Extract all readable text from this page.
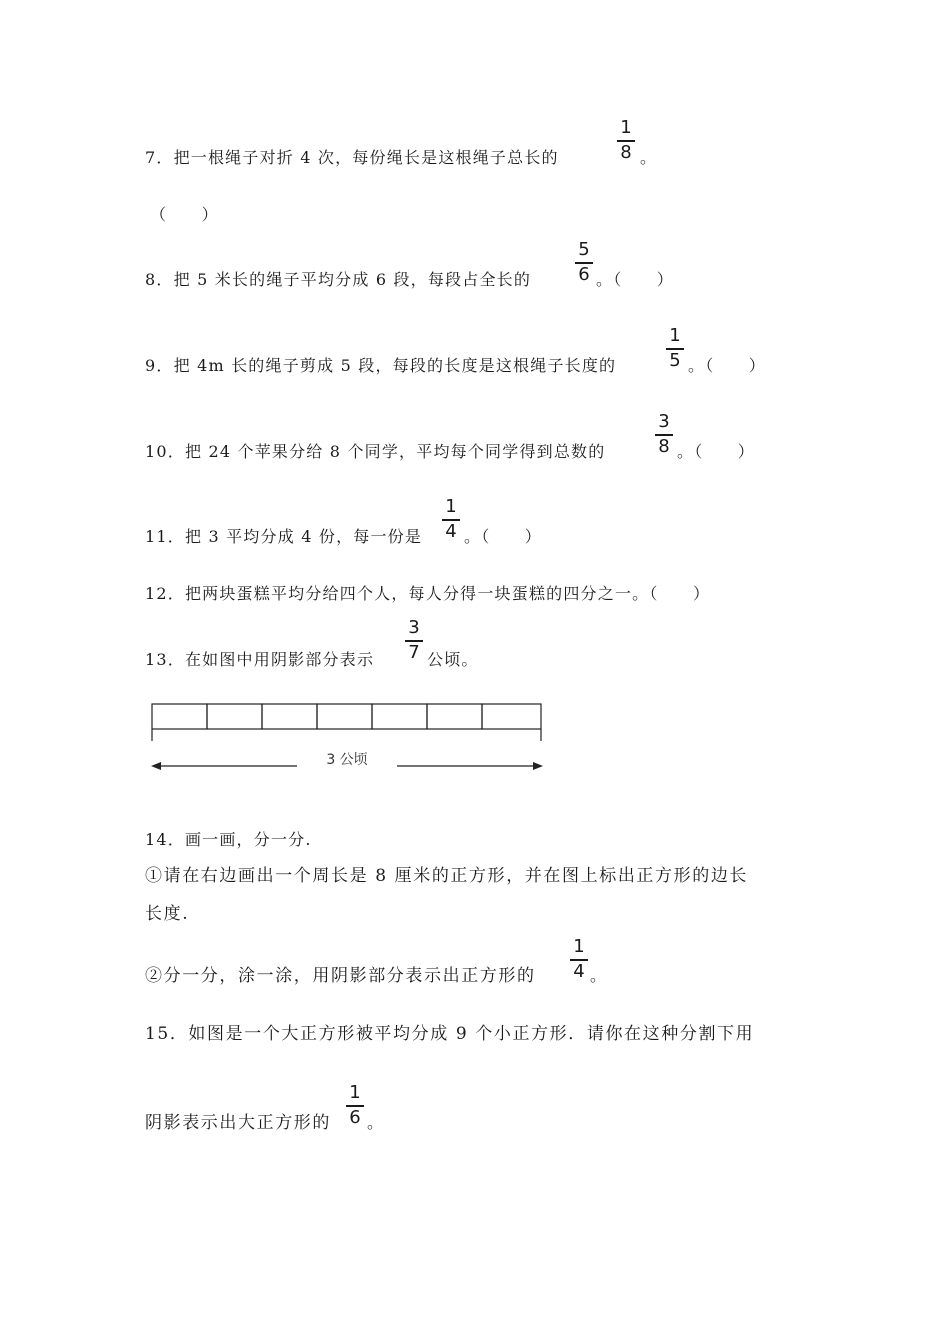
7．把一根绳子对折 4 次，每份绳长是这根绳子总长的
1
8 。
（　　）
8．把 5 米长的绳子平均分成 6 段，每段占全长的
5
6 。（　　）
9．把 4m 长的绳子剪成 5 段，每段的长度是这根绳子长度的
1
5 。（　　）
10．把 24 个苹果分给 8 个同学，平均每个同学得到总数的
3
8 。（　　）
11．把 3 平均分成 4 份，每一份是
1
4 。（　　）
12．把两块蛋糕平均分给四个人，每人分得一块蛋糕的四分之一。（　　）
13．在如图中用阴影部分表示
3
7 公顷。
3 公顷
14．画一画，分一分.
①请在右边画出一个周长是 8 厘米的正方形，并在图上标出正方形的边长
长度.
②分一分，涂一涂，用阴影部分表示出正方形的
1
4 。
15．如图是一个大正方形被平均分成 9 个小正方形．请你在这种分割下用
阴影表示出大正方形的
1
6 。
